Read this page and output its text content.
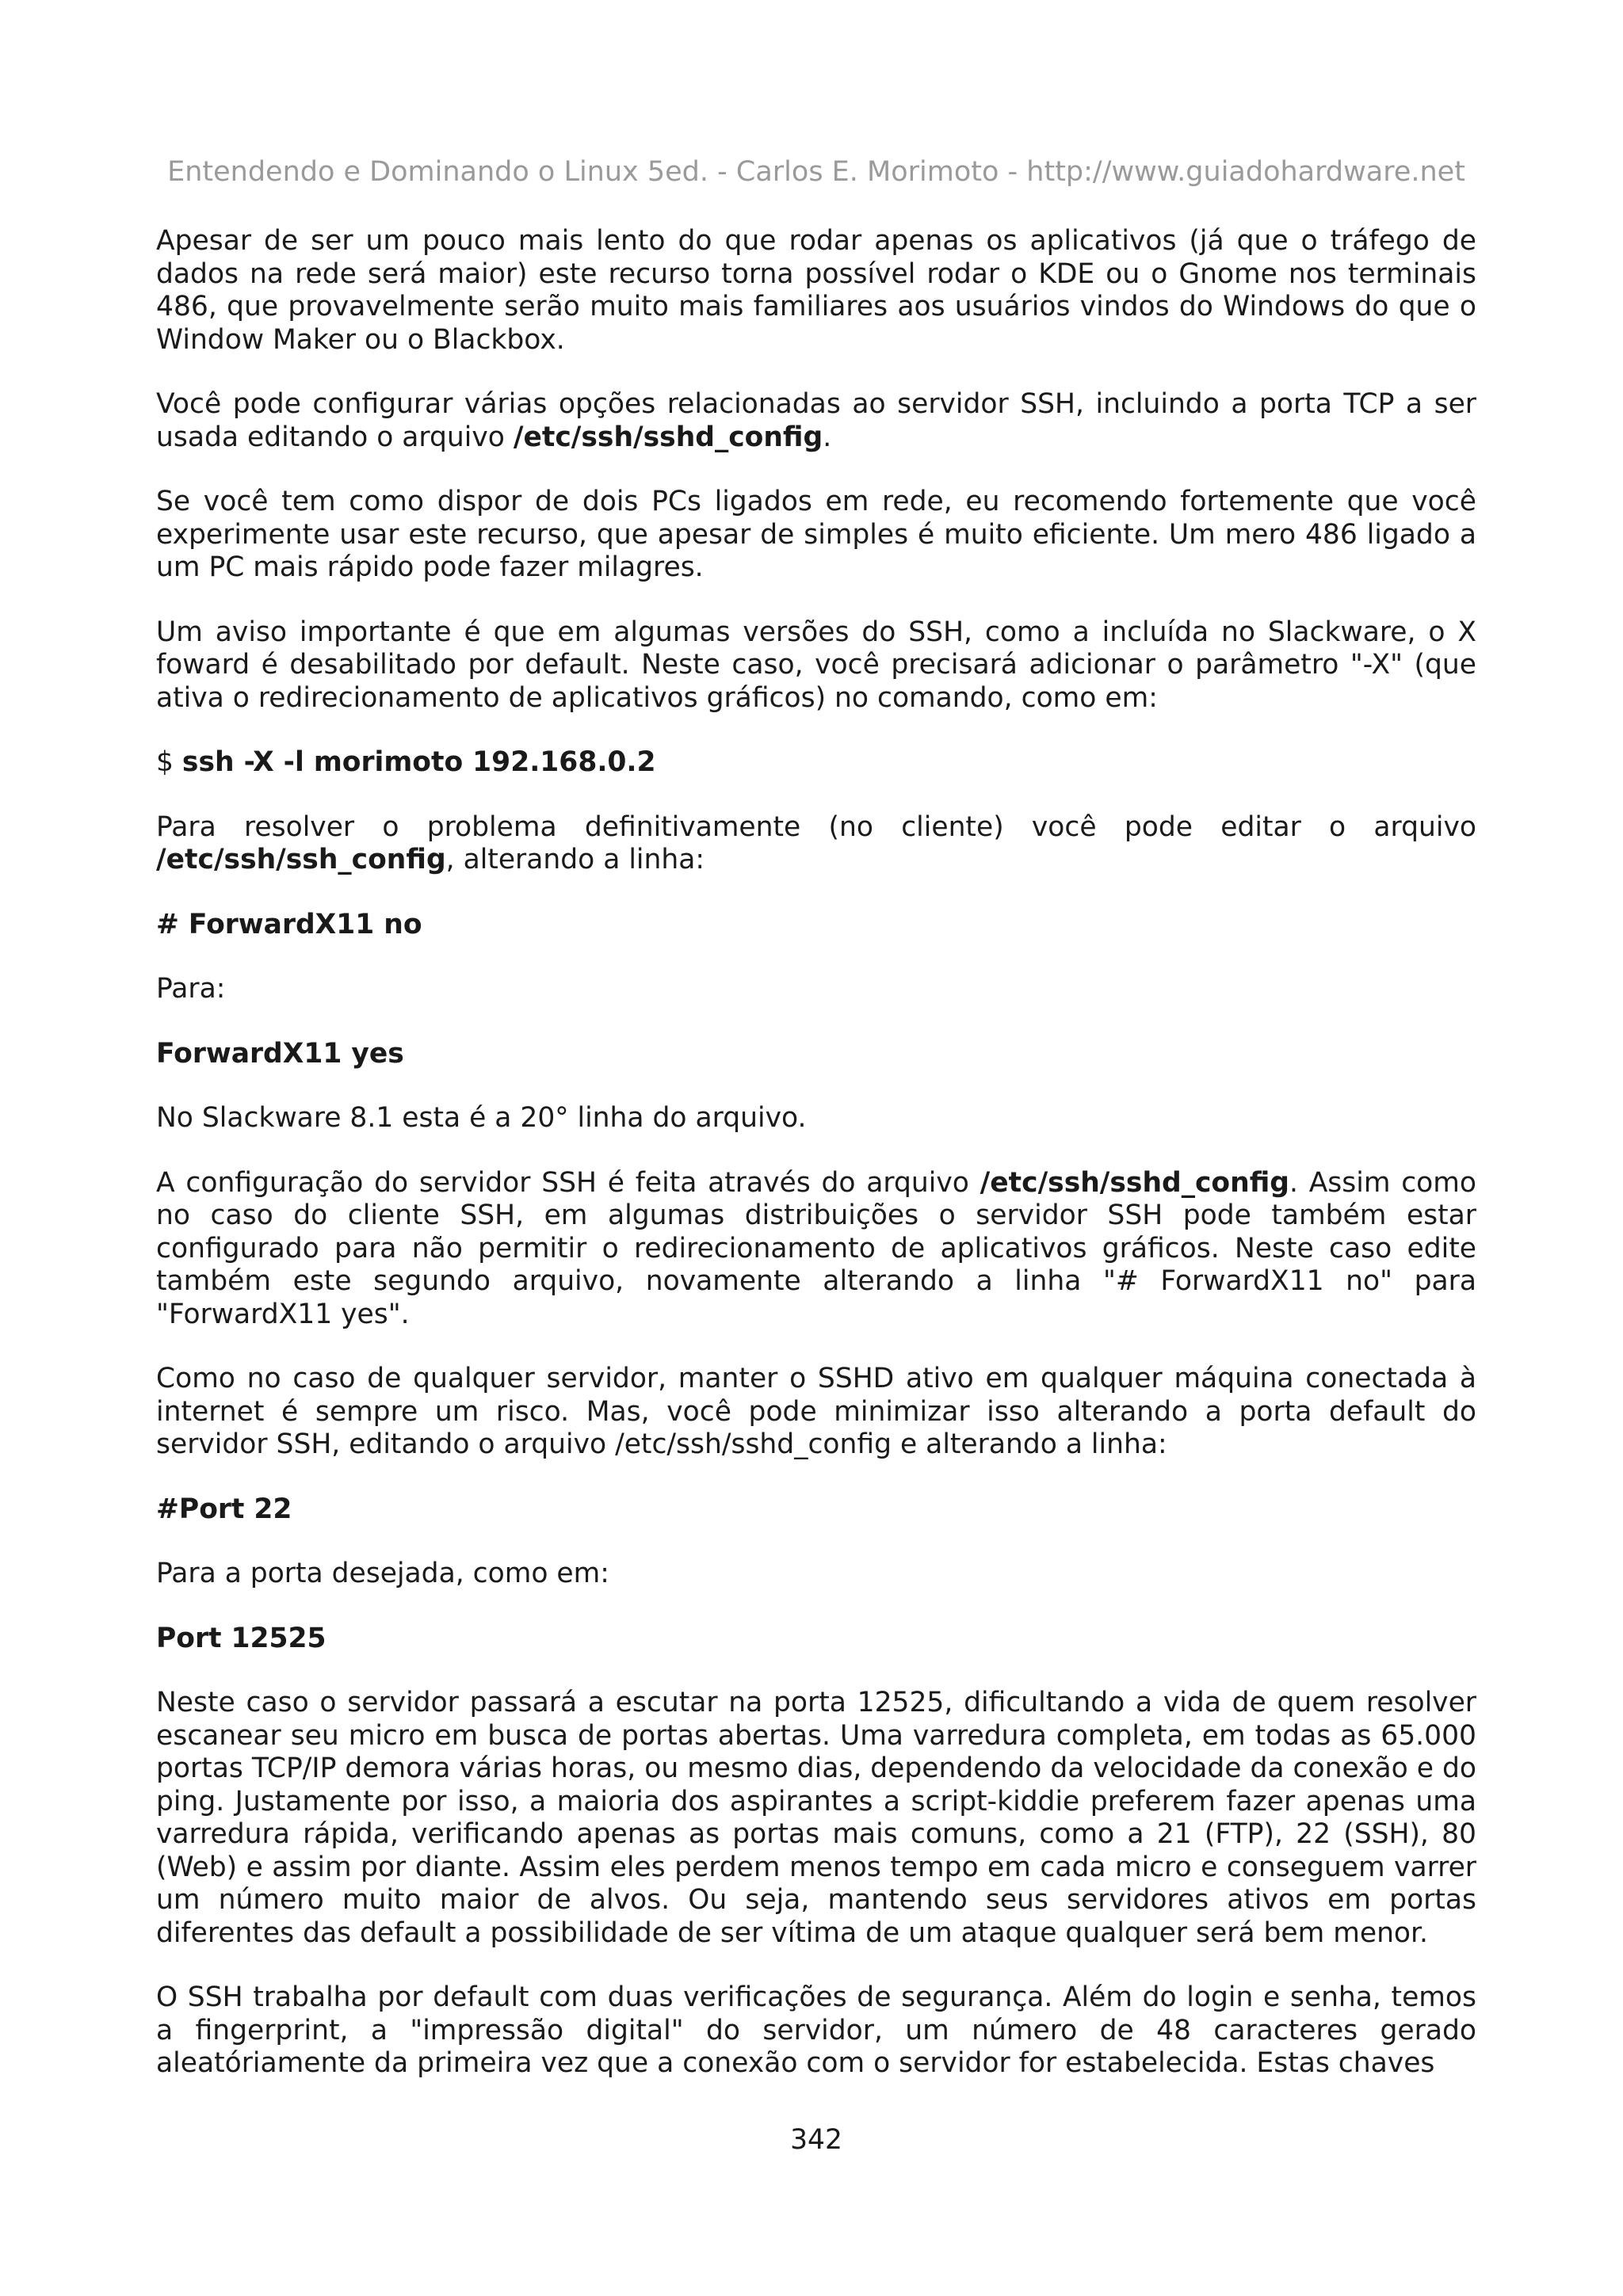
Entendendo e Dominando o Linux 5ed. - Carlos E. Morimoto - http://www.guiadohardware.net

Apesar de ser um pouco mais lento do que rodar apenas os aplicativos (já que o tráfego de dados na rede será maior) este recurso torna possível rodar o KDE ou o Gnome nos terminais 486, que provavelmente serão muito mais familiares aos usuários vindos do Windows do que o Window Maker ou o Blackbox.

Você pode configurar várias opções relacionadas ao servidor SSH, incluindo a porta TCP a ser usada editando o arquivo /etc/ssh/sshd_config.

Se você tem como dispor de dois PCs ligados em rede, eu recomendo fortemente que você experimente usar este recurso, que apesar de simples é muito eficiente. Um mero 486 ligado a um PC mais rápido pode fazer milagres.

Um aviso importante é que em algumas versões do SSH, como a incluída no Slackware, o X foward é desabilitado por default. Neste caso, você precisará adicionar o parâmetro "-X" (que ativa o redirecionamento de aplicativos gráficos) no comando, como em:

$ ssh -X -l morimoto 192.168.0.2

Para resolver o problema definitivamente (no cliente) você pode editar o arquivo /etc/ssh/ssh_config, alterando a linha:

# ForwardX11 no

Para:

ForwardX11 yes

No Slackware 8.1 esta é a 20° linha do arquivo.

A configuração do servidor SSH é feita através do arquivo /etc/ssh/sshd_config. Assim como no caso do cliente SSH, em algumas distribuições o servidor SSH pode também estar configurado para não permitir o redirecionamento de aplicativos gráficos. Neste caso edite também este segundo arquivo, novamente alterando a linha "# ForwardX11 no" para "ForwardX11 yes".

Como no caso de qualquer servidor, manter o SSHD ativo em qualquer máquina conectada à internet é sempre um risco. Mas, você pode minimizar isso alterando a porta default do servidor SSH, editando o arquivo /etc/ssh/sshd_config e alterando a linha:

#Port 22

Para a porta desejada, como em:

Port 12525

Neste caso o servidor passará a escutar na porta 12525, dificultando a vida de quem resolver escanear seu micro em busca de portas abertas. Uma varredura completa, em todas as 65.000 portas TCP/IP demora várias horas, ou mesmo dias, dependendo da velocidade da conexão e do ping. Justamente por isso, a maioria dos aspirantes a script-kiddie preferem fazer apenas uma varredura rápida, verificando apenas as portas mais comuns, como a 21 (FTP), 22 (SSH), 80 (Web) e assim por diante. Assim eles perdem menos tempo em cada micro e conseguem varrer um número muito maior de alvos. Ou seja, mantendo seus servidores ativos em portas diferentes das default a possibilidade de ser vítima de um ataque qualquer será bem menor.

O SSH trabalha por default com duas verificações de segurança. Além do login e senha, temos a fingerprint, a "impressão digital" do servidor, um número de 48 caracteres gerado aleatóriamente da primeira vez que a conexão com o servidor for estabelecida. Estas chaves

342
